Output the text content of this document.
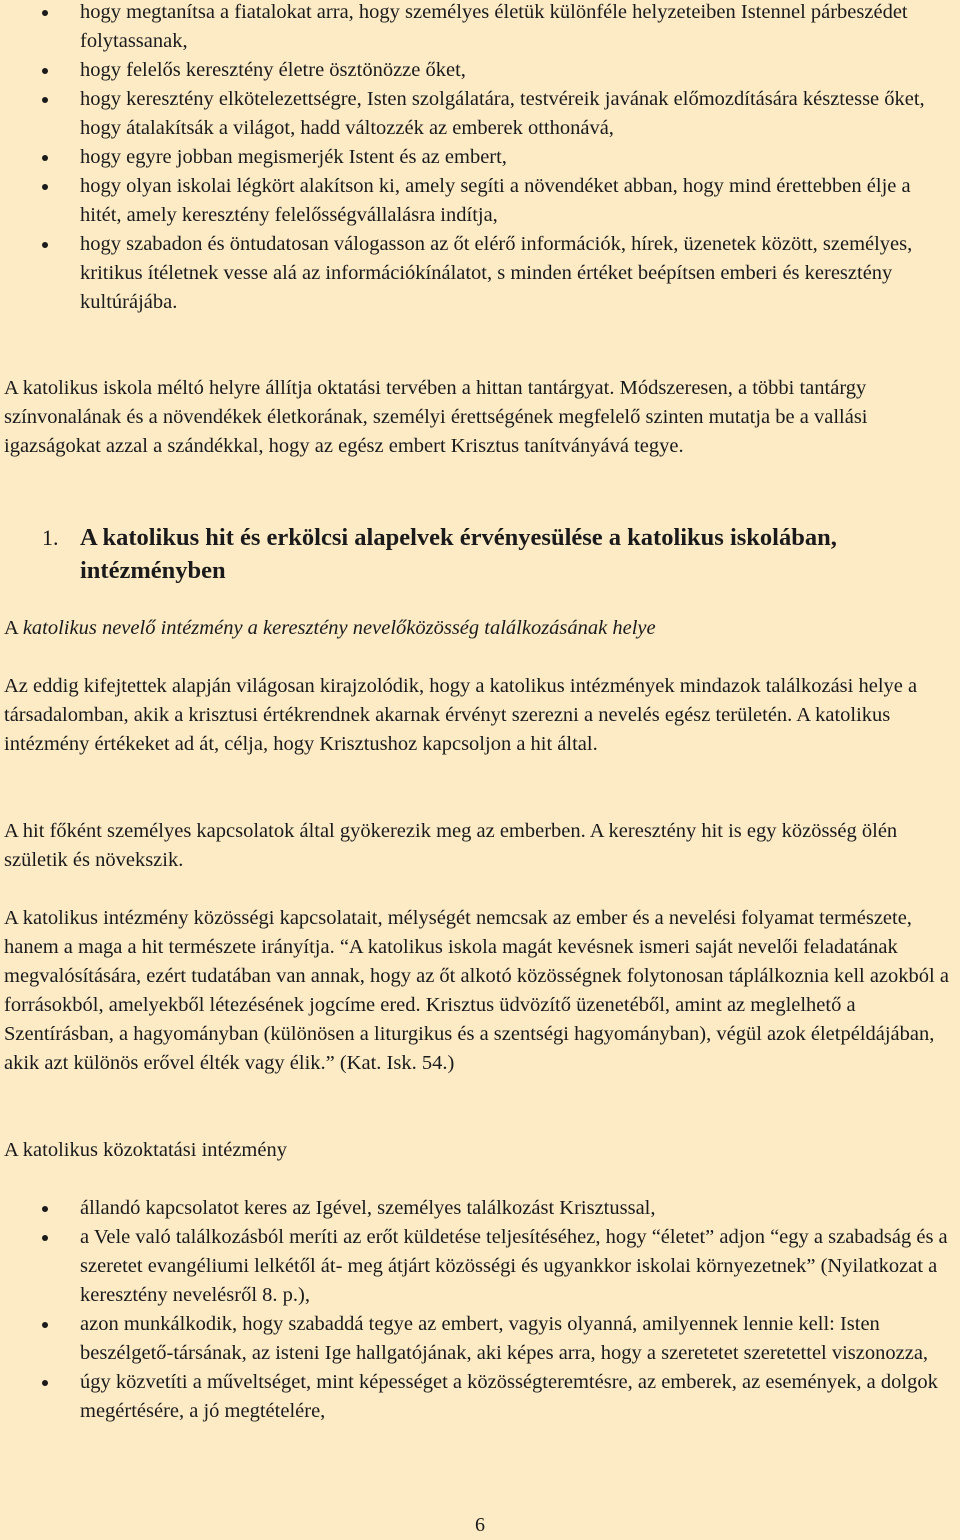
hogy megtanítsa a fiatalokat arra, hogy személyes életük különféle helyzeteiben Istennel párbeszédet folytassanak,
hogy felelős keresztény életre ösztönözze őket,
hogy keresztény elkötelezettségre, Isten szolgálatára, testvéreik javának előmozdítására késztesse őket, hogy átalakítsák a világot, hadd változzék az emberek otthonává,
hogy egyre jobban megismerjék Istent és az embert,
hogy olyan iskolai légkört alakítson ki, amely segíti a növendéket abban, hogy mind érettebben élje a hitét, amely keresztény felelősségvállalásra indítja,
hogy szabadon és öntudatosan válogasson az őt elérő információk, hírek, üzenetek között, személyes, kritikus ítéletnek vesse alá az információkínálatot, s minden értéket beépítsen emberi és keresztény kultúrájába.

A katolikus iskola méltó helyre állítja oktatási tervében a hittan tantárgyat. Módszeresen, a többi tantárgy színvonalának és a növendékek életkorának, személyi érettségének megfelelő szinten mutatja be a vallási igazságokat azzal a szándékkal, hogy az egész embert Krisztus tanítványává tegye.

1. A katolikus hit és erkölcsi alapelvek érvényesülése a katolikus iskolában, intézményben

A katolikus nevelő intézmény a keresztény nevelőközösség találkozásának helye

Az eddig kifejtettek alapján világosan kirajzolódik, hogy a katolikus intézmények mindazok találkozási helye a társadalomban, akik a krisztusi értékrendnek akarnak érvényt szerezni a nevelés egész területén. A katolikus intézmény értékeket ad át, célja, hogy Krisztushoz kapcsoljon a hit által.

A hit főként személyes kapcsolatok által gyökerezik meg az emberben. A keresztény hit is egy közösség ölén születik és növekszik.

A katolikus intézmény közösségi kapcsolatait, mélységét nemcsak az ember és a nevelési folyamat természete, hanem a maga a hit természete irányítja. “A katolikus iskola magát kevésnek ismeri saját nevelői feladatának megvalósítására, ezért tudatában van annak, hogy az őt alkotó közösségnek folytonosan táplálkoznia kell azokból a forrásokból, amelyekből létezésének jogcíme ered. Krisztus üdvözítő üzenetéből, amint az meglelhető a Szentírásban, a hagyományban (különösen a liturgikus és a szentségi hagyományban), végül azok életpéldájában, akik azt különös erővel élték vagy élik.” (Kat. Isk. 54.)

A katolikus közoktatási intézmény

állandó kapcsolatot keres az Igével, személyes találkozást Krisztussal,
a Vele való találkozásból meríti az erőt küldetése teljesítéséhez, hogy “életet” adjon “egy a szabadság és a szeretet evangéliumi lelkétől át- meg átjárt közösségi és ugyankkor iskolai környezetnek” (Nyilatkozat a keresztény nevelésről 8. p.),
azon munkálkodik, hogy szabaddá tegye az embert, vagyis olyanná, amilyennek lennie kell: Isten beszélgető-társának, az isteni Ige hallgatójának, aki képes arra, hogy a szeretetet szeretettel viszonozza,
úgy közvetíti a műveltséget, mint képességet a közösségteremtésre, az emberek, az események, a dolgok megértésére, a jó megtételére,
6
